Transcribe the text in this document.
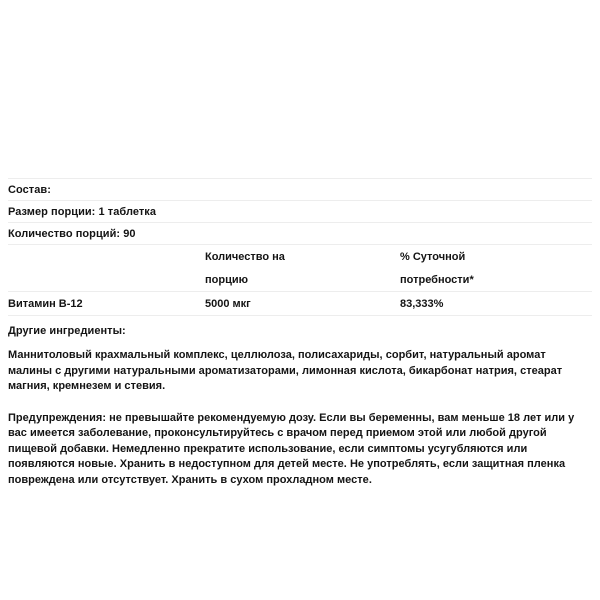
Состав:		
Размер порции: 1 таблетка		
Количество порций: 90		
	Количество на	% Суточной
	порцию	потребности*
Витамин B-12	5000 мкг	83,333%

Другие ингредиенты:

Маннитоловый крахмальный комплекс, целлюлоза, полисахариды, сорбит, натуральный аромат малины с другими натуральными ароматизаторами, лимонная кислота, бикарбонат натрия, стеарат магния, кремнезем и стевия.

Предупреждения: не превышайте рекомендуемую дозу. Если вы беременны, вам меньше 18 лет или у вас имеется заболевание, проконсультируйтесь с врачом перед приемом этой или любой другой пищевой добавки. Немедленно прекратите использование, если симптомы усугубляются или появляются новые. Хранить в недоступном для детей месте. Не употреблять, если защитная пленка повреждена или отсутствует. Хранить в сухом прохладном месте.
